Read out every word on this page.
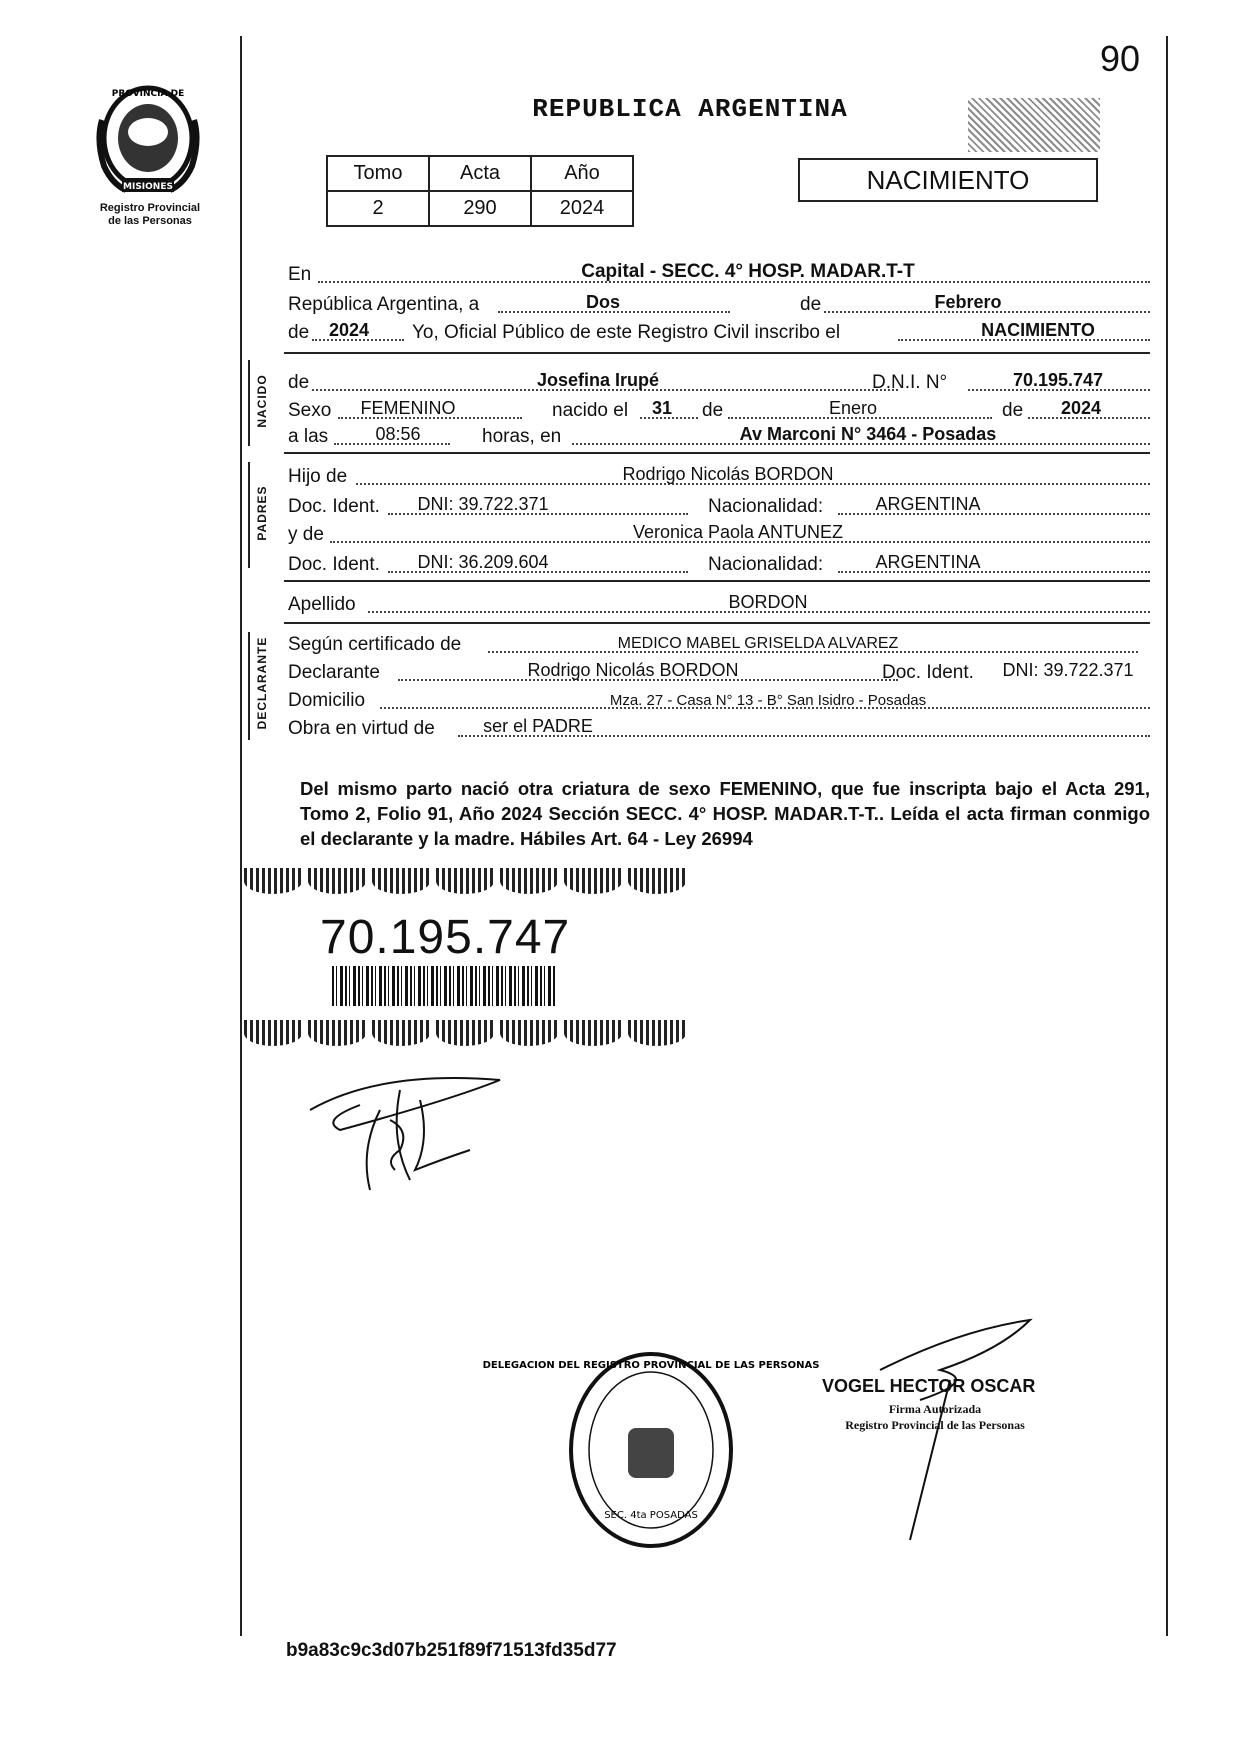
PROVINCIA DE
MISIONES
Registro Provincial
de las Personas
90
REPUBLICA ARGENTINA
Tomo	Acta	Año
2	290	2024
NACIMIENTO
En	Capital - SECC. 4° HOSP. MADAR.T-T
República Argentina, a	Dos	de	Febrero
de	2024	Yo, Oficial Público de este Registro Civil inscribo el	NACIMIENTO
NACIDO de	Josefina Irupé	D.N.I. N°	70.195.747
Sexo	FEMENINO	nacido el	31	de	Enero	de	2024
a las	08:56	horas, en	Av Marconi N° 3464 - Posadas
PADRES
Hijo de	Rodrigo Nicolás BORDON
Doc. Ident.	DNI: 39.722.371	Nacionalidad:	ARGENTINA
y de	Veronica Paola ANTUNEZ
Doc. Ident.	DNI: 36.209.604	Nacionalidad:	ARGENTINA
Apellido	BORDON
DECLARANTE Según certificado de	MEDICO MABEL GRISELDA ALVAREZ
Declarante	Rodrigo Nicolás BORDON	Doc. Ident.	DNI: 39.722.371
Domicilio	Mza. 27 - Casa N° 13 - B° San Isidro - Posadas
Obra en virtud de	ser el PADRE
Del mismo parto nació otra criatura de sexo FEMENINO, que fue inscripta bajo el Acta 291, Tomo 2, Folio 91, Año 2024 Sección SECC. 4° HOSP. MADAR.T-T.. Leída el acta firman conmigo el declarante y la madre. Hábiles Art. 64 - Ley 26994
70.195.747
DELEGACION DEL REGISTRO PROVINCIAL DE LAS PERSONAS
SEC. 4ta POSADAS
VOGEL HECTOR OSCAR
Firma Autorizada
Registro Provincial de las Personas
b9a83c9c3d07b251f89f71513fd35d77
